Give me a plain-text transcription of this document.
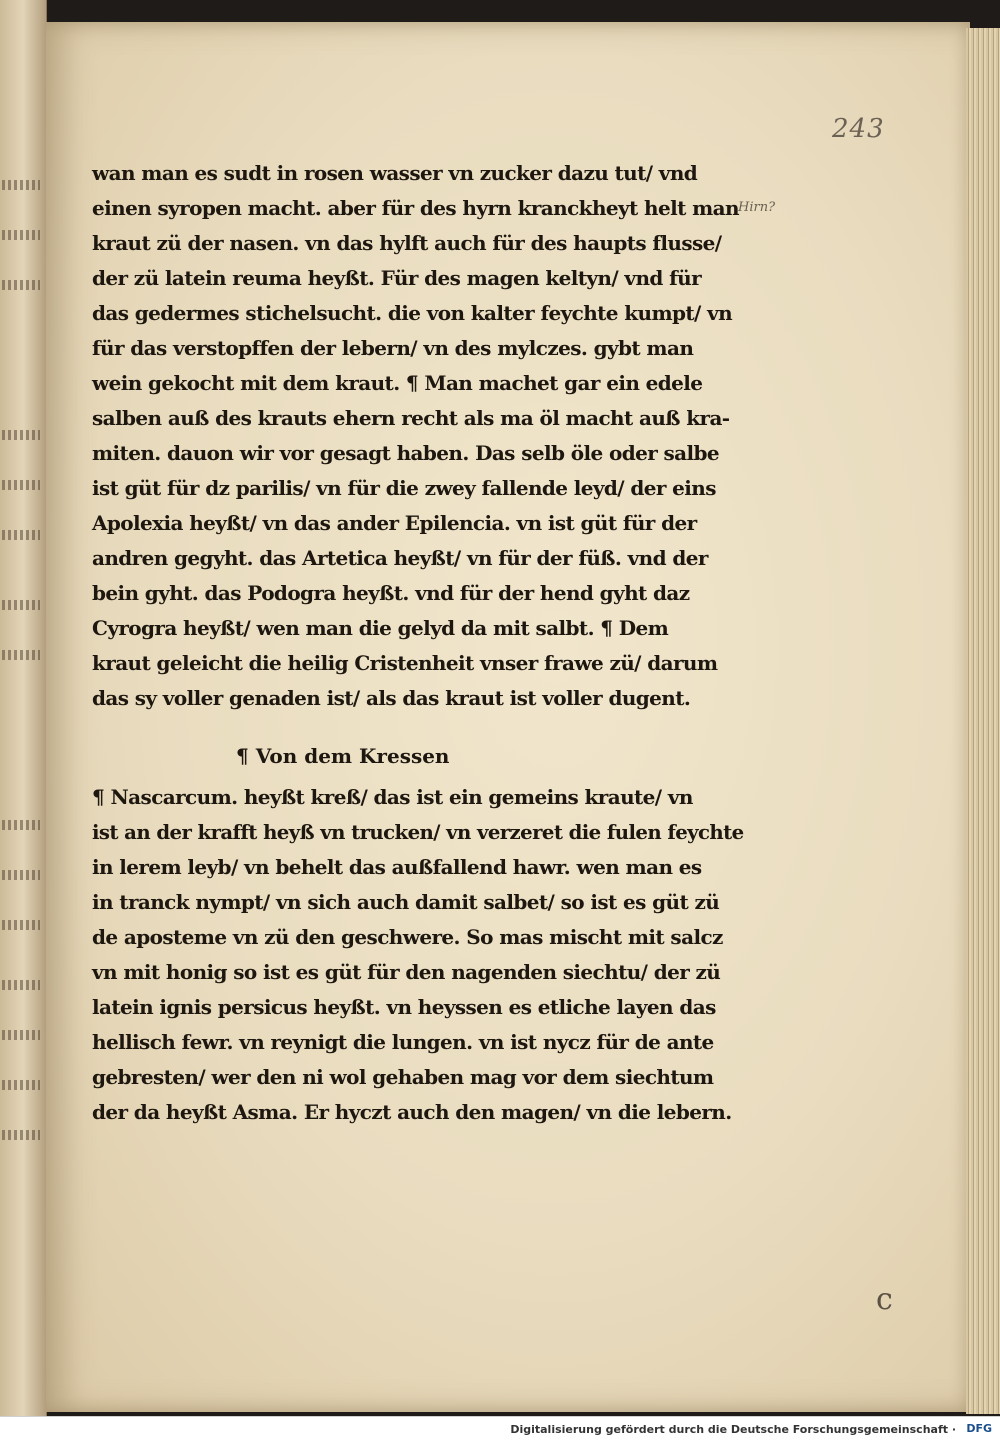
243
Hirn?
wan man es sudt in rosen wasser vn zucker dazu tut/ vnd
einen syropen macht. aber für des hyrn kranckheyt helt man
kraut zü der nasen. vn das hylft auch für des haupts flusse/
der zü latein reuma heyßt. Für des magen keltyn/ vnd für
das gedermes stichelsucht. die von kalter feychte kumpt/ vn
für das verstopffen der lebern/ vn des mylczes. gybt man
wein gekocht mit dem kraut. ¶ Man machet gar ein edele
salben auß des krauts ehern recht als ma öl macht auß kra-
miten. dauon wir vor gesagt haben. Das selb öle oder salbe
ist güt für dz parilis/ vn für die zwey fallende leyd/ der eins
Apolexia heyßt/ vn das ander Epilencia. vn ist güt für der
andren gegyht. das Artetica heyßt/ vn für der füß. vnd der
bein gyht. das Podogra heyßt. vnd für der hend gyht daz
Cyrogra heyßt/ wen man die gelyd da mit salbt. ¶ Dem
kraut geleicht die heilig Cristenheit vnser frawe zü/ darum
das sy voller genaden ist/ als das kraut ist voller dugent.
¶ Von dem Kressen
¶ Nascarcum. heyßt kreß/ das ist ein gemeins kraute/ vn
ist an der krafft heyß vn trucken/ vn verzeret die fulen feychte
in lerem leyb/ vn behelt das außfallend hawr. wen man es
in tranck nympt/ vn sich auch damit salbet/ so ist es güt zü
de aposteme vn zü den geschwere. So mas mischt mit salcz
vn mit honig so ist es güt für den nagenden siechtu/ der zü
latein ignis persicus heyßt. vn heyssen es etliche layen das
hellisch fewr. vn reynigt die lungen. vn ist nycz für de ante
gebresten/ wer den ni wol gehaben mag vor dem siechtum
der da heyßt Asma. Er hyczt auch den magen/ vn die lebern.
c
Digitalisierung gefördert durch die Deutsche Forschungsgemeinschaft · DFG
